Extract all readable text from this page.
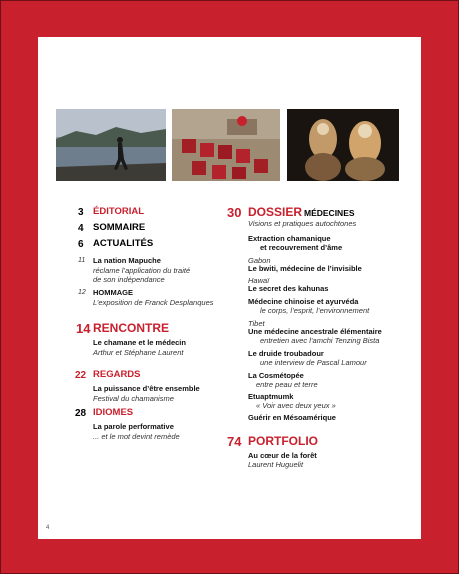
3 ÉDITORIAL
4 SOMMAIRE
6 ACTUALITÉS
11 La nation Mapuche
réclame l’application du traité
de son indépendance
12 HOMMAGE
L’exposition de Franck Desplanques
14 RENCONTRE
Le chamane et le médecin
Arthur et Stéphane Laurent
22 REGARDS
La puissance d’être ensemble
Festival du chamanisme
28 IDIOMES
La parole performative
... et le mot devint remède
30 DOSSIER MÉDECINES
Visions et pratiques autochtones
Extraction chamanique
et recouvrement d’âme
Gabon
Le bwiti, médecine de l’invisible
Hawaï
Le secret des kahunas
Médecine chinoise et ayurvéda
le corps, l’esprit, l’environnement
Tibet
Une médecine ancestrale élémentaire
entretien avec l’amchi Tenzing Bista
Le druide troubadour
une interview de Pascal Lamour
La Cosmétopée
entre peau et terre
Etuaptmumk
« Voir avec deux yeux »
Guérir en Mésoamérique
74 PORTFOLIO
Au cœur de la forêt
Laurent Huguelit
4
